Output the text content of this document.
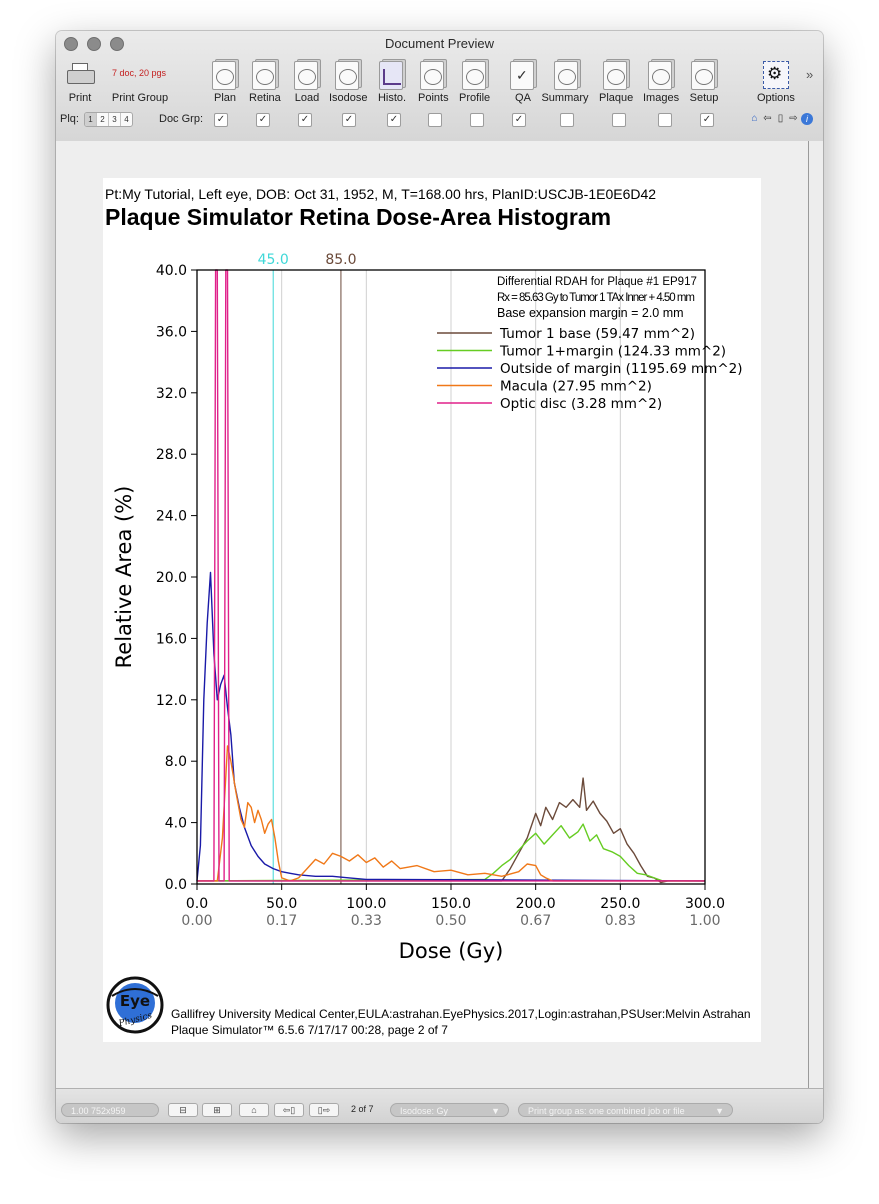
Document Preview
Print
7 doc, 20 pgs
Print Group	Plan Retina Load Isodose Histo. Points Profile
✓ QA Summary Plaque Images Setup
⚙
Options
»
Plq:	1 2 3 4	Doc Grp: ✓	✓	✓	✓	✓	✓	✓	⌂ ⇦ ▯ ⇨ i
Pt:My Tutorial, Left eye, DOB: Oct 31, 1952, M, T=168.00 hrs, PlanID:USCJB-1E0E6D42
Plaque Simulator Retina Dose-Area Histogram
45.0	85.0
0.0
0.00
50.0
0.17
100.0
0.33
150.0
0.50
200.0
0.67
250.0
0.83
300.0
1.00
0.0
4.0
8.0
12.0
16.0
20.0
24.0
28.0
32.0
36.0
40.0
Differential RDAH for Plaque #1 EP917
Rx = 85.63 Gy to Tumor 1 TAx Inner + 4.50 mm
Base expansion margin = 2.0 mm
Tumor 1 base (59.47 mm^2)
Tumor 1+margin (124.33 mm^2)
Outside of margin (1195.69 mm^2)
Macula (27.95 mm^2)
Optic disc (3.28 mm^2)
Dose (Gy)
Relative Area (%)
Eye
Physics Gallifrey University Medical Center,EULA:astrahan.EyePhysics.2017,Login:astrahan,PSUser:Melvin Astrahan
Plaque Simulator™ 6.5.6 7/17/17 00:28, page 2 of 7
1.00 752x959	⊟	⊞	⌂	⇦▯	▯⇨	2 of 7	Isodose: Gy	▼	Print group as: one combined job or file	▼
